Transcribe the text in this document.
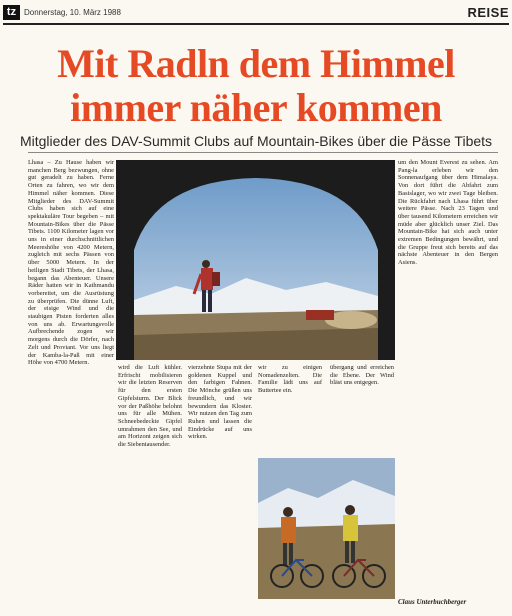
tz Donnerstag, 10. März 1988	REISE
Mit Radln dem Himmel
immer näher kommen
Mitglieder des DAV-Summit Clubs auf Mountain-Bikes über die Pässe Tibets
Lhasa – Zu Hause haben wir manchen Berg bezwungen, ohne gut geradelt zu haben. Ferne Orten zu fahren, wo wir dem Himmel näher kommen. Diese Mitglieder des DAV-Summit Clubs haben sich auf eine spektakuläre Tour begeben – mit Mountain-Bikes über die Pässe Tibets. 1100 Kilometer lagen vor uns in einer durchschnittlichen Meereshöhe von 4200 Metern, zugleich mit sechs Pässen von über 5000 Metern. In der heiligen Stadt Tibets, der Lhasa, begann das Abenteuer. Unsere Räder hatten wir in Kathmandu vorbereitet, um die Ausrüstung zu überprüfen. Die dünne Luft, der eisige Wind und die staubigen Pisten forderten alles von uns ab. Erwartungsvolle Aufbrechende zogen wir morgens durch die Dörfer, nach Zelt und Proviant. Vor uns liegt der Kamba-la-Paß mit einer Höhe von 4700 Metern.
wird die Luft kühler. Erfrischt mobilisieren wir die letzten Reserven für den ersten Gipfelsturm. Der Blick vor der Paßhöhe belohnt uns für alle Mühen. Schneebedeckte Gipfel umrahmen den See, und am Horizont zeigen sich die Siebentausender.
vierzehnte Stupa mit der goldenen Kuppel und den farbigen Fahnen. Die Mönche grüßen uns freundlich, und wir bewundern das Kloster. Wir nutzen den Tag zum Ruhen und lassen die Eindrücke auf uns wirken.
wir zu einigen Nomadenzelten. Die Familie lädt uns auf Buttertee ein.
übergang und erreichen die Ebene. Der Wind bläst uns entgegen.
um den Mount Everest zu sehen. Am Pang-la erleben wir den Sonnenaufgang über dem Himalaya. Von dort führt die Abfahrt zum Basislager, wo wir zwei Tage bleiben. Die Rückfahrt nach Lhasa führt über weitere Pässe. Nach 23 Tagen und über tausend Kilometern erreichen wir müde aber glücklich unser Ziel. Das Mountain-Bike hat sich auch unter extremen Bedingungen bewährt, und die Gruppe freut sich bereits auf das nächste Abenteuer in den Bergen Asiens.
Claus Unterbuchberger
